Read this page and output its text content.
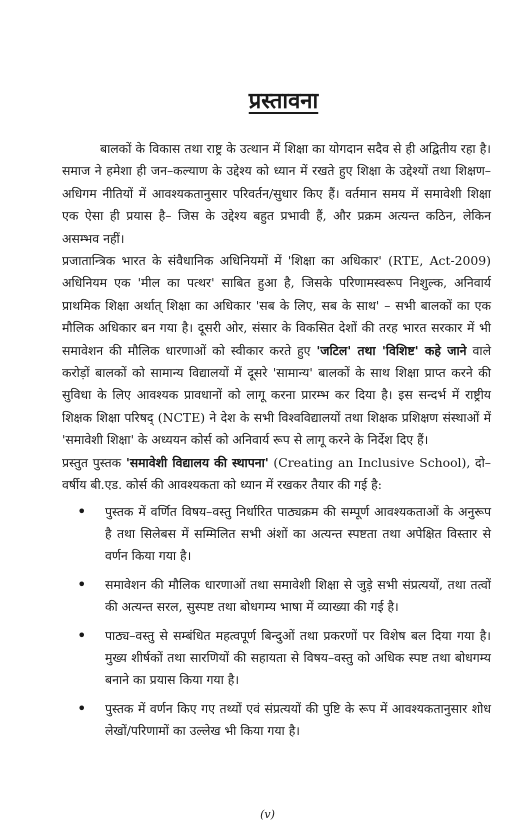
प्रस्तावना

बालकों के विकास तथा राष्ट्र के उत्थान में शिक्षा का योगदान सदैव से ही अद्वितीय रहा है। समाज ने हमेशा ही जन–कल्याण के उद्देश्य को ध्यान में रखते हुए शिक्षा के उद्देश्यों तथा शिक्षण–अधिगम नीतियों में आवश्यकतानुसार परिवर्तन/सुधार किए हैं। वर्तमान समय में समावेशी शिक्षा एक ऐसा ही प्रयास है– जिस के उद्देश्य बहुत प्रभावी हैं, और प्रक्रम अत्यन्त कठिन, लेकिन असम्भव नहीं।

प्रजातान्त्रिक भारत के संवैधानिक अधिनियमों में 'शिक्षा का अधिकार' (RTE, Act-2009) अधिनियम एक 'मील का पत्थर' साबित हुआ है, जिसके परिणामस्वरूप निशुल्क, अनिवार्य प्राथमिक शिक्षा अर्थात् शिक्षा का अधिकार 'सब के लिए, सब के साथ' – सभी बालकों का एक मौलिक अधिकार बन गया है। दूसरी ओर, संसार के विकसित देशों की तरह भारत सरकार में भी समावेशन की मौलिक धारणाओं को स्वीकार करते हुए 'जटिल' तथा 'विशिष्ट' कहे जाने वाले करोड़ों बालकों को सामान्य विद्यालयों में दूसरे 'सामान्य' बालकों के साथ शिक्षा प्राप्त करने की सुविधा के लिए आवश्यक प्रावधानों को लागू करना प्रारम्भ कर दिया है। इस सन्दर्भ में राष्ट्रीय शिक्षक शिक्षा परिषद् (NCTE) ने देश के सभी विश्वविद्यालयों तथा शिक्षक प्रशिक्षण संस्थाओं में 'समावेशी शिक्षा' के अध्ययन कोर्स को अनिवार्य रूप से लागू करने के निर्देश दिए हैं।

प्रस्तुत पुस्तक 'समावेशी विद्यालय की स्थापना' (Creating an Inclusive School), दो–वर्षीय बी.एड. कोर्स की आवश्यकता को ध्यान में रखकर तैयार की गई है:

• पुस्तक में वर्णित विषय–वस्तु निर्धारित पाठ्यक्रम की सम्पूर्ण आवश्यकताओं के अनुरूप है तथा सिलेबस में सम्मिलित सभी अंशों का अत्यन्त स्पष्टता तथा अपेक्षित विस्तार से वर्णन किया गया है।
• समावेशन की मौलिक धारणाओं तथा समावेशी शिक्षा से जुड़े सभी संप्रत्ययों, तथा तत्वों की अत्यन्त सरल, सुस्पष्ट तथा बोधगम्य भाषा में व्याख्या की गई है।
• पाठ्य–वस्तु से सम्बंधित महत्वपूर्ण बिन्दुओं तथा प्रकरणों पर विशेष बल दिया गया है। मुख्य शीर्षकों तथा सारणियों की सहायता से विषय–वस्तु को अधिक स्पष्ट तथा बोधगम्य बनाने का प्रयास किया गया है।
• पुस्तक में वर्णन किए गए तथ्यों एवं संप्रत्ययों की पुष्टि के रूप में आवश्यकतानुसार शोध लेखों/परिणामों का उल्लेख भी किया गया है।
(v)
